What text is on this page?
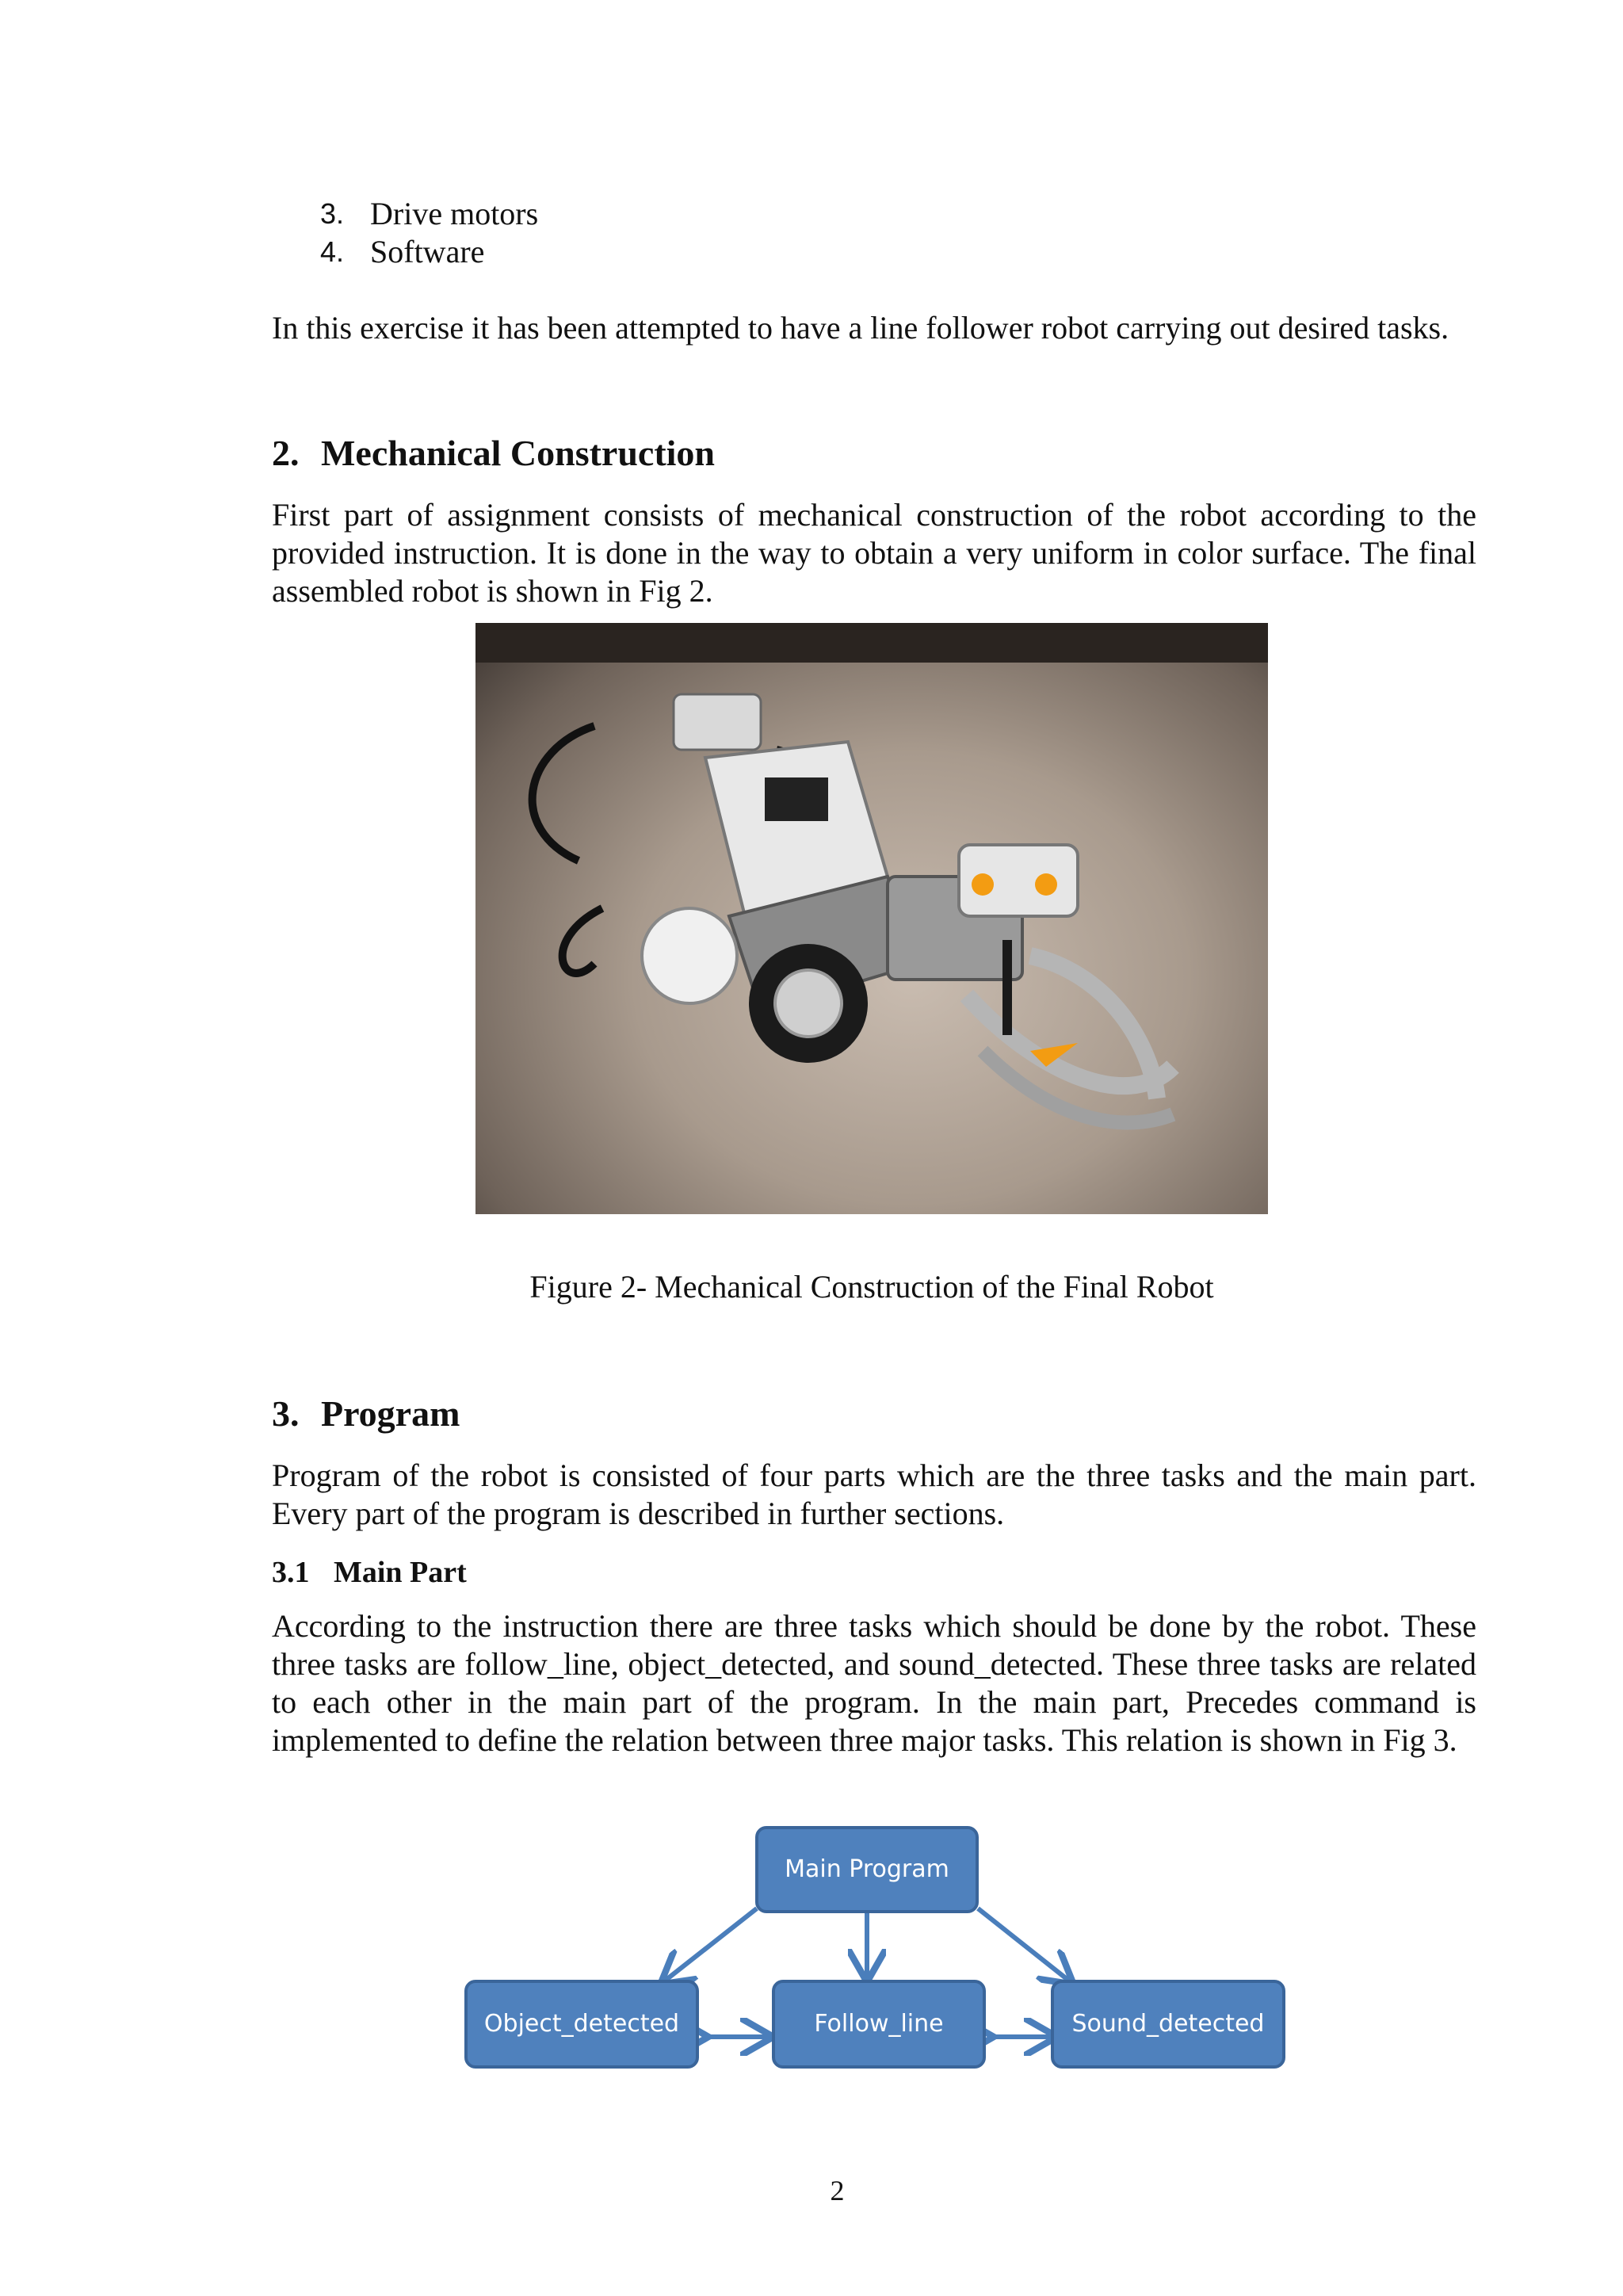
3. Drive motors
4. Software

In this exercise it has been attempted to have a line follower robot carrying out desired tasks.

2. Mechanical Construction

First part of assignment consists of mechanical construction of the robot according to the provided instruction. It is done in the way to obtain a very uniform in color surface. The final assembled robot is shown in Fig 2.

Figure 2- Mechanical Construction of the Final Robot
3. Program

Program of the robot is consisted of four parts which are the three tasks and the main part. Every part of the program is described in further sections.

3.1 Main Part

According to the instruction there are three tasks which should be done by the robot. These three tasks are follow_line, object_detected, and sound_detected. These three tasks are related to each other in the main part of the program. In the main part, Precedes command is implemented to define the relation between three major tasks. This relation is shown in Fig 3.

Main Program
Object_detected	Follow_line	Sound_detected
2
